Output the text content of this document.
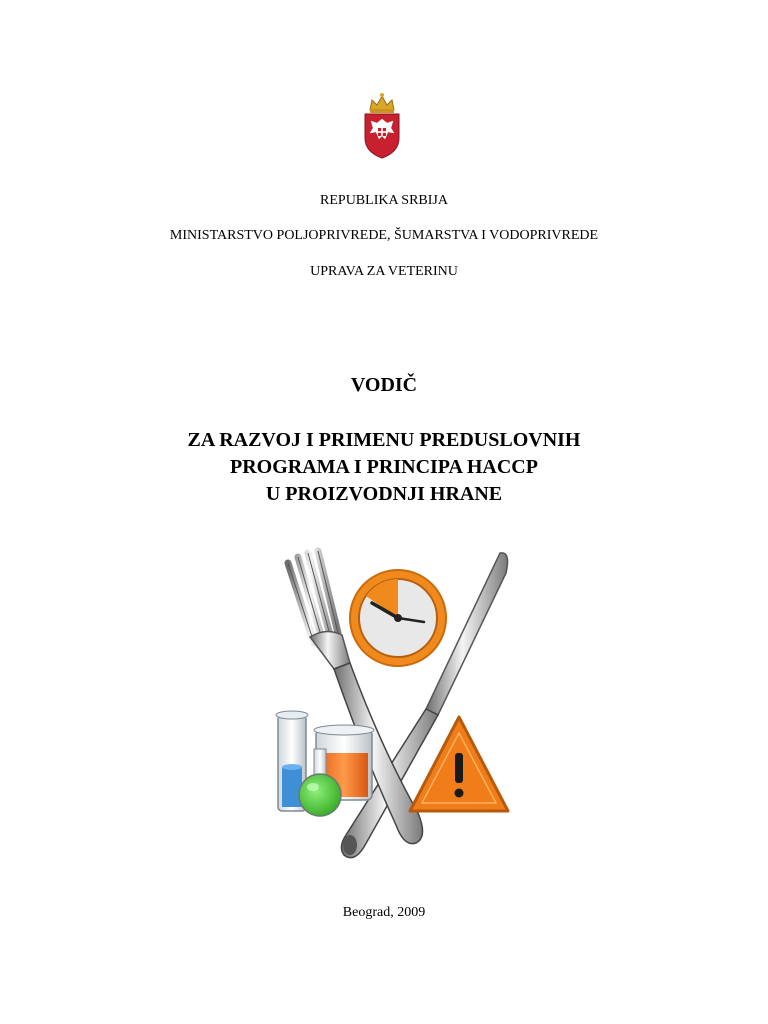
REPUBLIKA SRBIJA
MINISTARSTVO POLJOPRIVREDE, ŠUMARSTVA I VODOPRIVREDE
UPRAVA ZA VETERINU
VODIČ
ZA RAZVOJ I PRIMENU PREDUSLOVNIH
PROGRAMA I PRINCIPA HACCP
U PROIZVODNJI HRANE
Beograd, 2009
